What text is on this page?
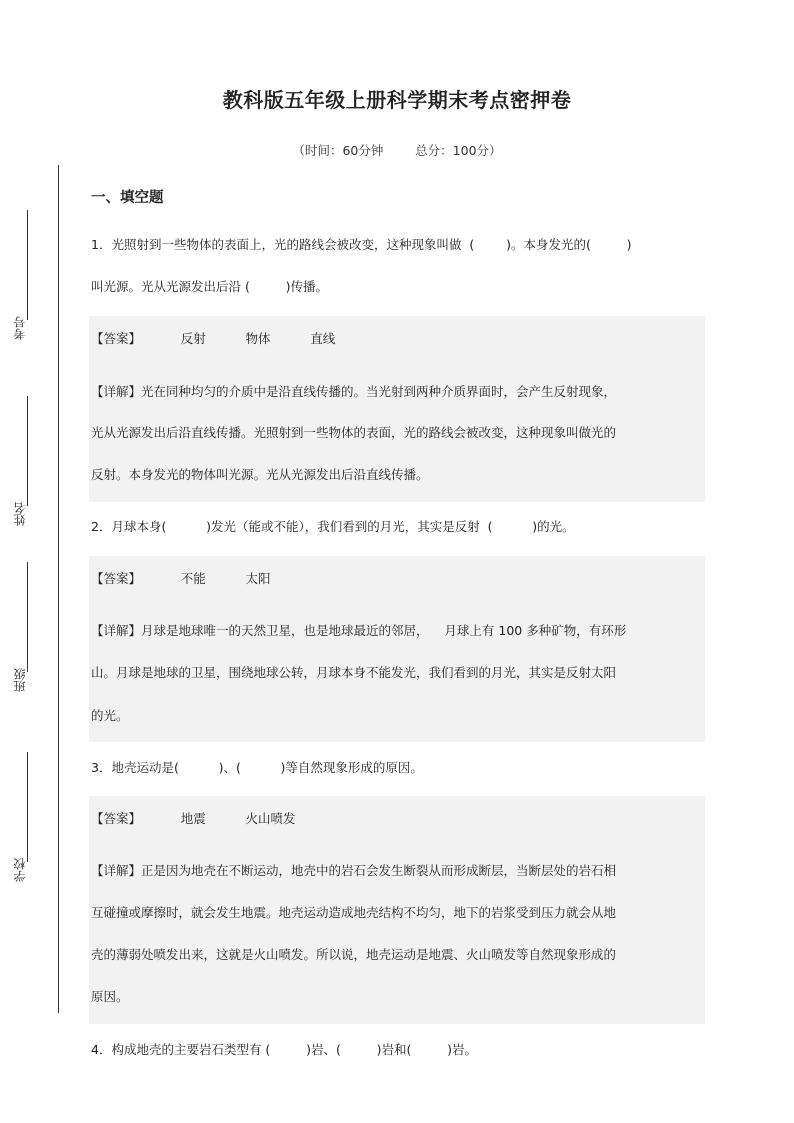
考号
姓名
班级
学校
教科版五年级上册科学期末考点密押卷
（时间：60分钟        总分：100分）
一、填空题
1．光照射到一些物体的表面上，光的路线会被改变，这种现象叫做  (        )。本身发光的(         )
叫光源。光从光源发出后沿 (         )传播。
【答案】          反射          物体          直线
【详解】光在同种均匀的介质中是沿直线传播的。当光射到两种介质界面时，会产生反射现象，
光从光源发出后沿直线传播。光照射到一些物体的表面，光的路线会被改变，这种现象叫做光的
反射。本身发光的物体叫光源。光从光源发出后沿直线传播。
2．月球本身(          )发光（能或不能），我们看到的月光，其实是反射  (          )的光。
【答案】          不能          太阳
【详解】月球是地球唯一的天然卫星，也是地球最近的邻居，    月球上有 100 多种矿物，有环形
山。月球是地球的卫星，围绕地球公转，月球本身不能发光，我们看到的月光，其实是反射太阳
的光。
3．地壳运动是(          )、(          )等自然现象形成的原因。
【答案】          地震          火山喷发
【详解】正是因为地壳在不断运动，地壳中的岩石会发生断裂从而形成断层，当断层处的岩石相
互碰撞或摩擦时，就会发生地震。地壳运动造成地壳结构不均匀，地下的岩浆受到压力就会从地
壳的薄弱处喷发出来，这就是火山喷发。所以说，地壳运动是地震、火山喷发等自然现象形成的
原因。
4．构成地壳的主要岩石类型有 (         )岩、(         )岩和(         )岩。
